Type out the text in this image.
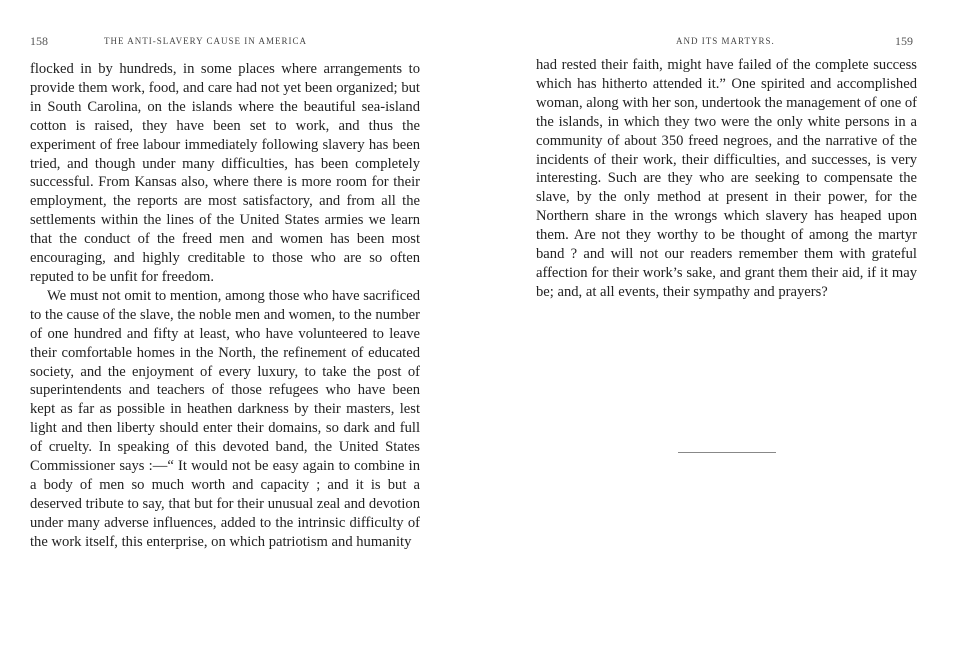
158	THE ANTI-SLAVERY CAUSE IN AMERICA

flocked in by hundreds, in some places where arrangements to provide them work, food, and care had not yet been organized; but in South Carolina, on the islands where the beautiful sea-island cotton is raised, they have been set to work, and thus the experiment of free labour immediately following slavery has been tried, and though under many difficulties, has been completely successful. From Kansas also, where there is more room for their employment, the reports are most satisfactory, and from all the settlements within the lines of the United States armies we learn that the conduct of the freed men and women has been most encouraging, and highly creditable to those who are so often reputed to be unfit for freedom.

We must not omit to mention, among those who have sacrificed to the cause of the slave, the noble men and women, to the number of one hundred and fifty at least, who have volunteered to leave their comfortable homes in the North, the refinement of educated society, and the enjoyment of every luxury, to take the post of superintendents and teachers of those refugees who have been kept as far as possible in heathen darkness by their masters, lest light and then liberty should enter their domains, so dark and full of cruelty. In speaking of this devoted band, the United States Commissioner says :—“ It would not be easy again to combine in a body of men so much worth and capacity ; and it is but a deserved tribute to say, that but for their unusual zeal and devotion under many adverse influences, added to the intrinsic difficulty of the work itself, this enterprise, on which patriotism and humanity

AND ITS MARTYRS.	159

had rested their faith, might have failed of the complete success which has hitherto attended it.” One spirited and accomplished woman, along with her son, undertook the management of one of the islands, in which they two were the only white persons in a community of about 350 freed negroes, and the narrative of the incidents of their work, their difficulties, and successes, is very interesting. Such are they who are seeking to compensate the slave, by the only method at present in their power, for the Northern share in the wrongs which slavery has heaped upon them. Are not they worthy to be thought of among the martyr band ? and will not our readers remember them with grateful affection for their work’s sake, and grant them their aid, if it may be; and, at all events, their sympathy and prayers?
